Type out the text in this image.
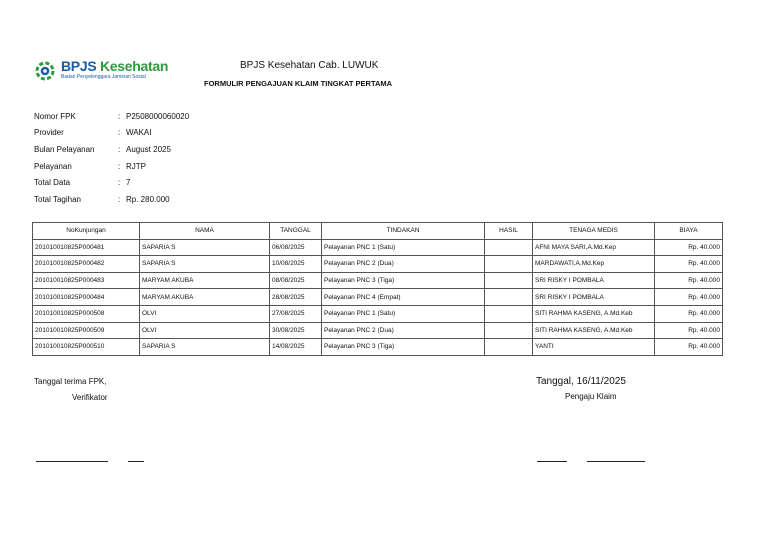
BPJS Kesehatan
Badan Penyelenggara Jaminan Sosial
BPJS Kesehatan Cab. LUWUK
FORMULIR PENGAJUAN KLAIM TINGKAT PERTAMA
Nomor FPK	: P2508000060020
Provider	: WAKAI
Bulan Pelayanan	: August 2025
Pelayanan	: RJTP
Total Data	: 7
Total Tagihan	: Rp. 280.000
NoKunjungan	NAMA	TANGGAL	TINDAKAN	HASIL	TENAGA MEDIS	BIAYA
201010010825P000481	SAPARIA S	06/08/2025	Pelayanan PNC 1 (Satu)		AFNI MAYA SARI,A.Md.Kep	Rp. 40.000
201010010825P000482	SAPARIA S	10/08/2025	Pelayanan PNC 2 (Dua)		MARDAWATI,A.Md.Kep	Rp. 40.000
201010010825P000483	MARYAM AKUBA	08/08/2025	Pelayanan PNC 3 (Tiga)		SRI RISKY I POMBALA	Rp. 40.000
201010010825P000484	MARYAM AKUBA	28/08/2025	Pelayanan PNC 4 (Empat)		SRI RISKY I POMBALA	Rp. 40.000
201010010825P000508	OLVI	27/08/2025	Pelayanan PNC 1 (Satu)		SITI RAHMA KASENG, A.Md.Keb	Rp. 40.000
201010010825P000509	OLVI	30/08/2025	Pelayanan PNC 2 (Dua)		SITI RAHMA KASENG, A.Md.Keb	Rp. 40.000
201010010825P000510	SAPARIA S	14/08/2025	Pelayanan PNC 3 (Tiga)		YANTI	Rp. 40.000
Tanggal terima FPK,
Verifikator
Tanggal, 16/11/2025
Pengaju Klaim
